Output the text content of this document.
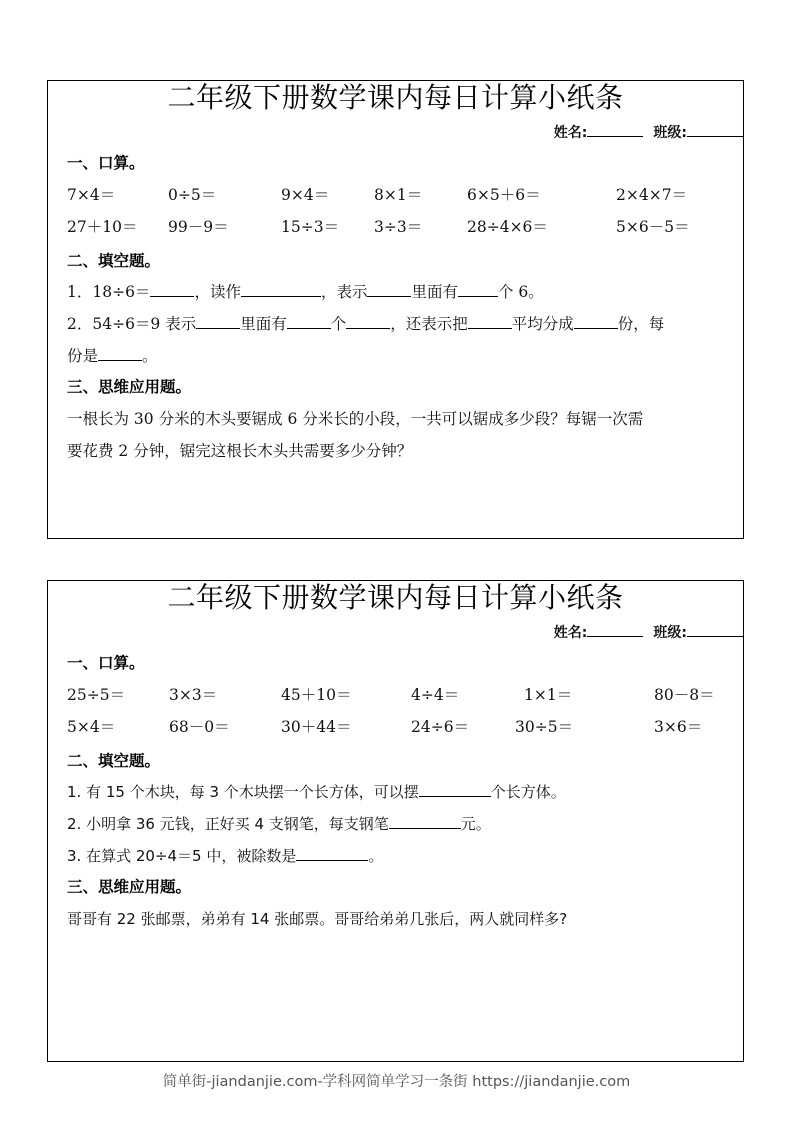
二年级下册数学课内每日计算小纸条
姓名:	班级:
一、口算。
7×4＝	0÷5＝	9×4＝	8×1＝	6×5＋6＝	2×4×7＝
27＋10＝ 99－9＝	15÷3＝ 3÷3＝	28÷4×6＝	5×6－5＝
二、填空题。
1．18÷6＝	，读作	，表示	里面有	个 6。
2．54÷6＝9 表示	里面有	个	，还表示把	平均分成	份，每
份是	。
三、思维应用题。
一根长为 30 分米的木头要锯成 6 分米长的小段，一共可以锯成多少段？每锯一次需
要花费 2 分钟，锯完这根长木头共需要多少分钟？
二年级下册数学课内每日计算小纸条
姓名:	班级:
一、口算。
25÷5＝	3×3＝	45＋10＝	4÷4＝	1×1＝	80－8＝
5×4＝	68－0＝	30＋44＝	24÷6＝	30÷5＝	3×6＝
二、填空题。
1. 有 15 个木块，每 3 个木块摆一个长方体，可以摆	个长方体。
2. 小明拿 36 元钱，正好买 4 支钢笔，每支钢笔	元。
3. 在算式 20÷4＝5 中，被除数是	。
三、思维应用题。
哥哥有 22 张邮票，弟弟有 14 张邮票。哥哥给弟弟几张后，两人就同样多?
简单街-jiandanjie.com-学科网简单学习一条街 https://jiandanjie.com
